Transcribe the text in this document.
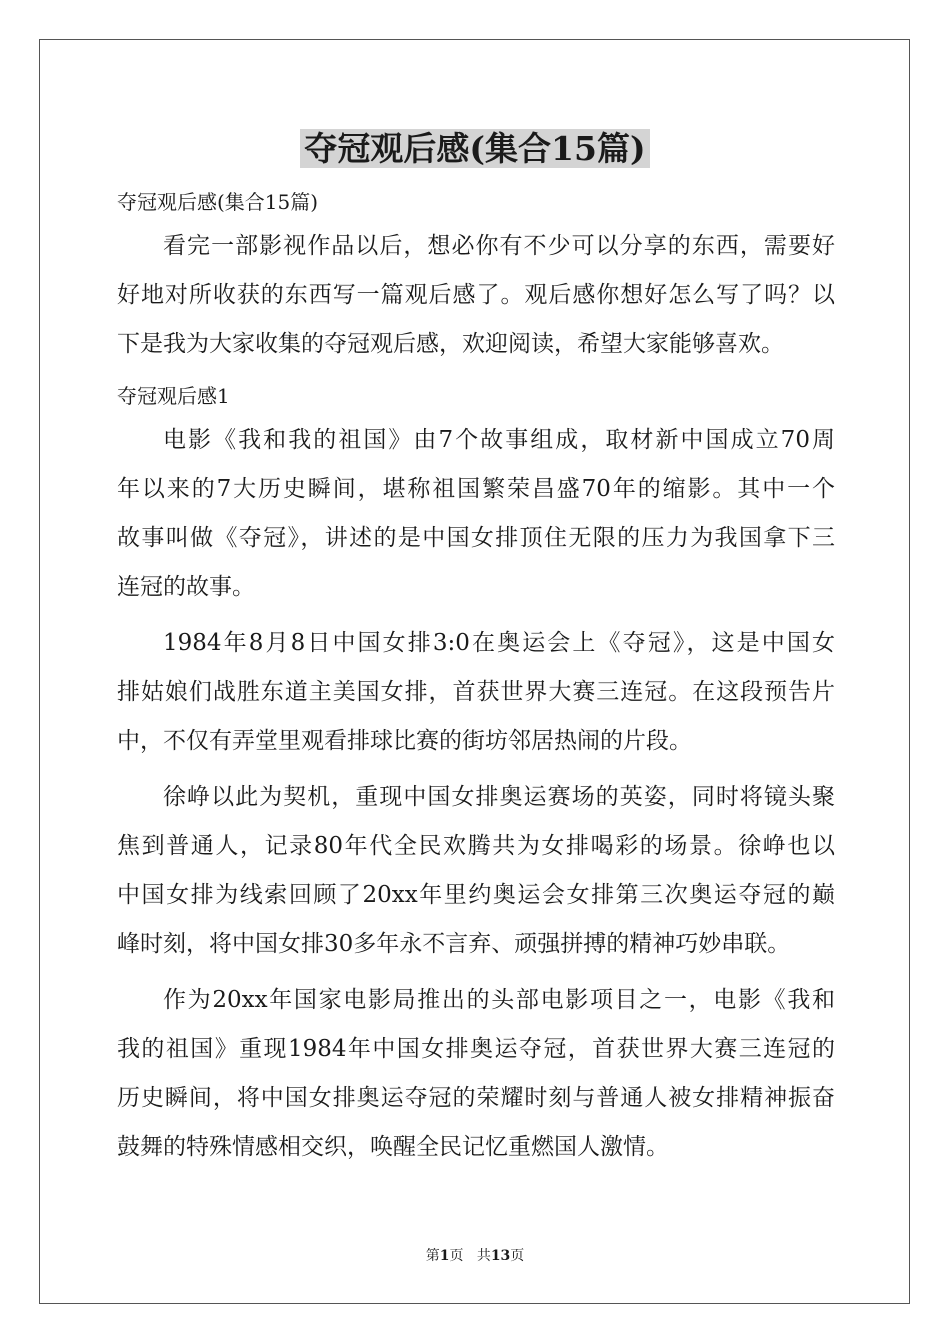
夺冠观后感(集合15篇)

夺冠观后感(集合15篇)

看完一部影视作品以后，想必你有不少可以分享的东西，需要好
好地对所收获的东西写一篇观后感了。观后感你想好怎么写了吗？以
下是我为大家收集的夺冠观后感，欢迎阅读，希望大家能够喜欢。

夺冠观后感1

电影《我和我的祖国》由7个故事组成，取材新中国成立70周
年以来的7大历史瞬间，堪称祖国繁荣昌盛70年的缩影。其中一个
故事叫做《夺冠》，讲述的是中国女排顶住无限的压力为我国拿下三
连冠的故事。
1984年8月8日中国女排3:0在奥运会上《夺冠》，这是中国女
排姑娘们战胜东道主美国女排，首获世界大赛三连冠。在这段预告片
中，不仅有弄堂里观看排球比赛的街坊邻居热闹的片段。
徐峥以此为契机，重现中国女排奥运赛场的英姿，同时将镜头聚
焦到普通人，记录80年代全民欢腾共为女排喝彩的场景。徐峥也以
中国女排为线索回顾了20xx年里约奥运会女排第三次奥运夺冠的巅
峰时刻，将中国女排30多年永不言弃、顽强拼搏的精神巧妙串联。
作为20xx年国家电影局推出的头部电影项目之一，电影《我和
我的祖国》重现1984年中国女排奥运夺冠，首获世界大赛三连冠的
历史瞬间，将中国女排奥运夺冠的荣耀时刻与普通人被女排精神振奋
鼓舞的特殊情感相交织，唤醒全民记忆重燃国人激情。
第1页 共13页
